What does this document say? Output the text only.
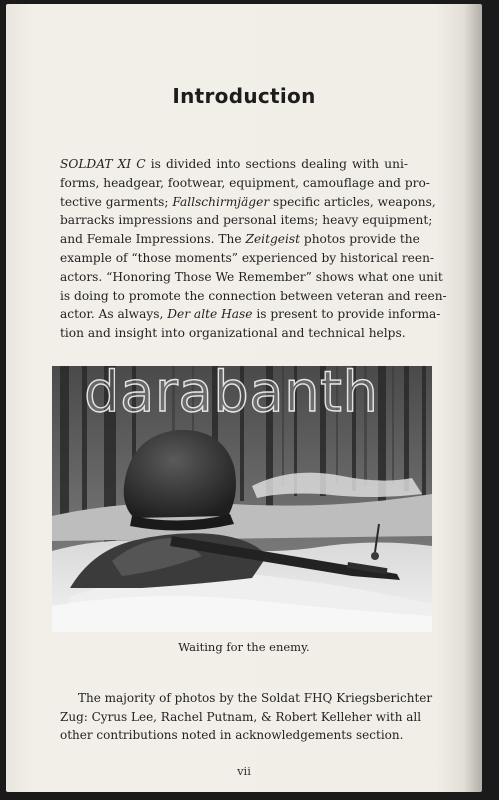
Introduction
SOLDAT XI C is divided into sections dealing with uni-
forms, headgear, footwear, equipment, camouflage and pro-
tective garments; Fallschirmjäger specific articles, weapons,
barracks impressions and personal items; heavy equipment;
and Female Impressions. The Zeitgeist photos provide the
example of “those moments” experienced by historical reen-
actors. “Honoring Those We Remember” shows what one unit
is doing to promote the connection between veteran and reen-
actor. As always, Der alte Hase is present to provide informa-
tion and insight into organizational and technical helps.
Waiting for the enemy.
The majority of photos by the Soldat FHQ Kriegsberichter
Zug: Cyrus Lee, Rachel Putnam, & Robert Kelleher with all
other contributions noted in acknowledgements section.
vii
